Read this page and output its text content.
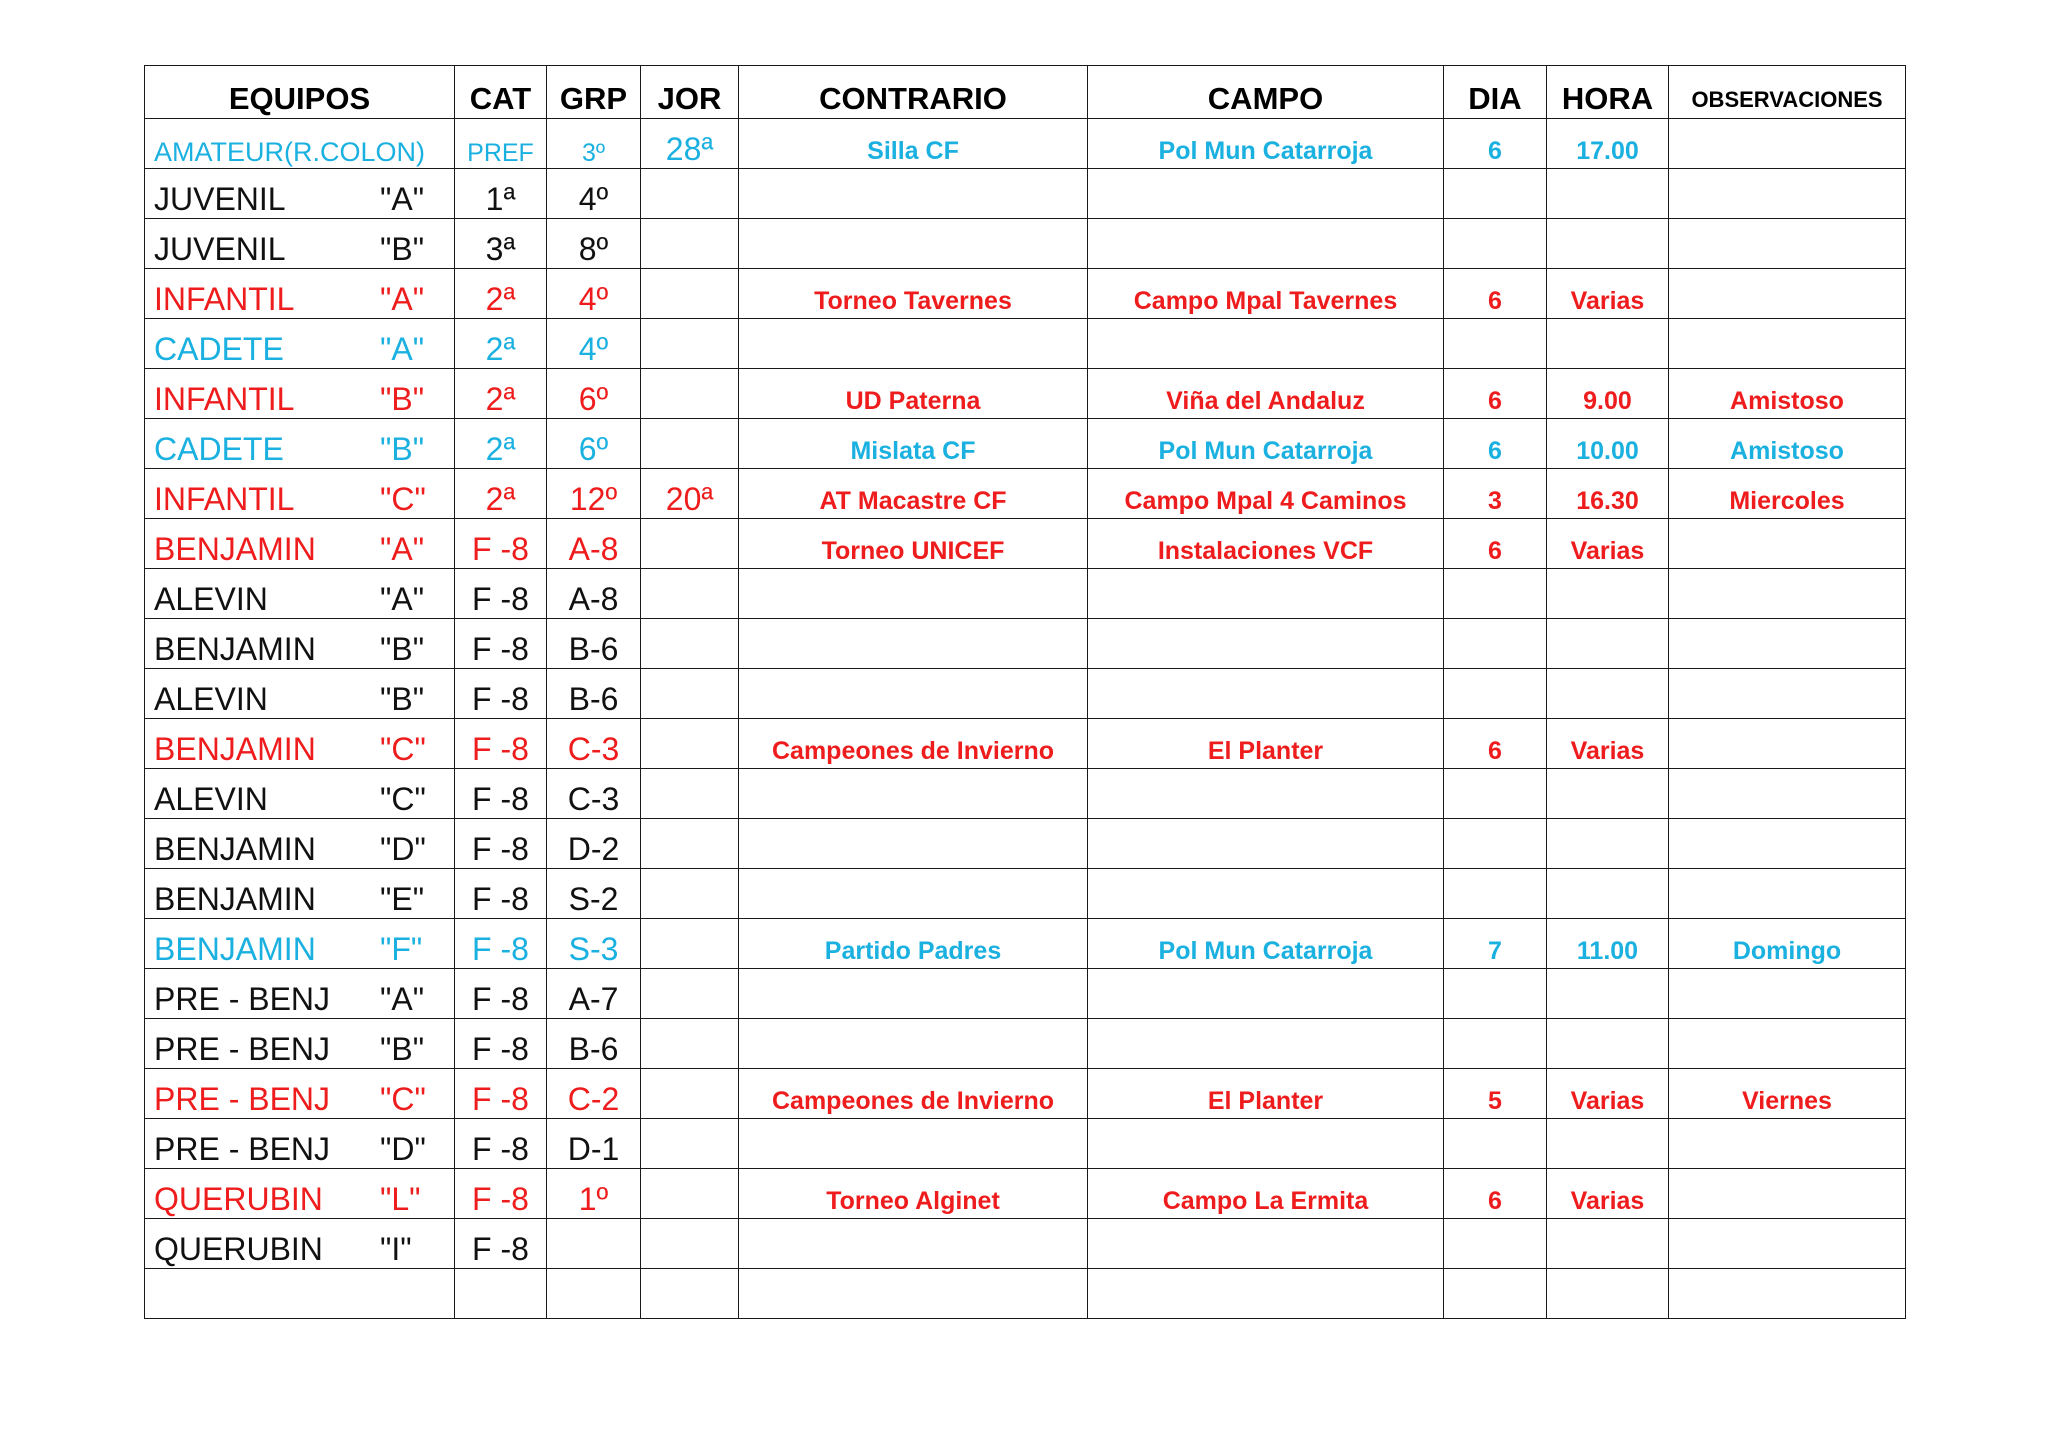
EQUIPOS	CAT	GRP	JOR	CONTRARIO	CAMPO	DIA	HORA	OBSERVACIONES
AMATEUR(R.COLON)	PREF	3º	28ª	Silla CF	Pol Mun Catarroja	6	17.00	
JUVENIL "A"	1ª	4º						
JUVENIL "B"	3ª	8º						
INFANTIL "A"	2ª	4º		Torneo Tavernes	Campo Mpal Tavernes	6	Varias	
CADETE "A"	2ª	4º						
INFANTIL "B"	2ª	6º		UD Paterna	Viña del Andaluz	6	9.00	Amistoso
CADETE "B"	2ª	6º		Mislata CF	Pol Mun Catarroja	6	10.00	Amistoso
INFANTIL "C"	2ª	12º	20ª	AT Macastre CF	Campo Mpal 4 Caminos	3	16.30	Miercoles
BENJAMIN "A"	F -8	A-8		Torneo UNICEF	Instalaciones VCF	6	Varias	
ALEVIN "A"	F -8	A-8						
BENJAMIN "B"	F -8	B-6						
ALEVIN "B"	F -8	B-6						
BENJAMIN "C"	F -8	C-3		Campeones de Invierno	El Planter	6	Varias	
ALEVIN "C"	F -8	C-3						
BENJAMIN "D"	F -8	D-2						
BENJAMIN "E"	F -8	S-2						
BENJAMIN "F"	F -8	S-3		Partido Padres	Pol Mun Catarroja	7	11.00	Domingo
PRE - BENJ "A"	F -8	A-7						
PRE - BENJ "B"	F -8	B-6						
PRE - BENJ "C"	F -8	C-2		Campeones de Invierno	El Planter	5	Varias	Viernes
PRE - BENJ "D"	F -8	D-1						
QUERUBIN "L"	F -8	1º		Torneo Alginet	Campo La Ermita	6	Varias	
QUERUBIN "I"	F -8							
